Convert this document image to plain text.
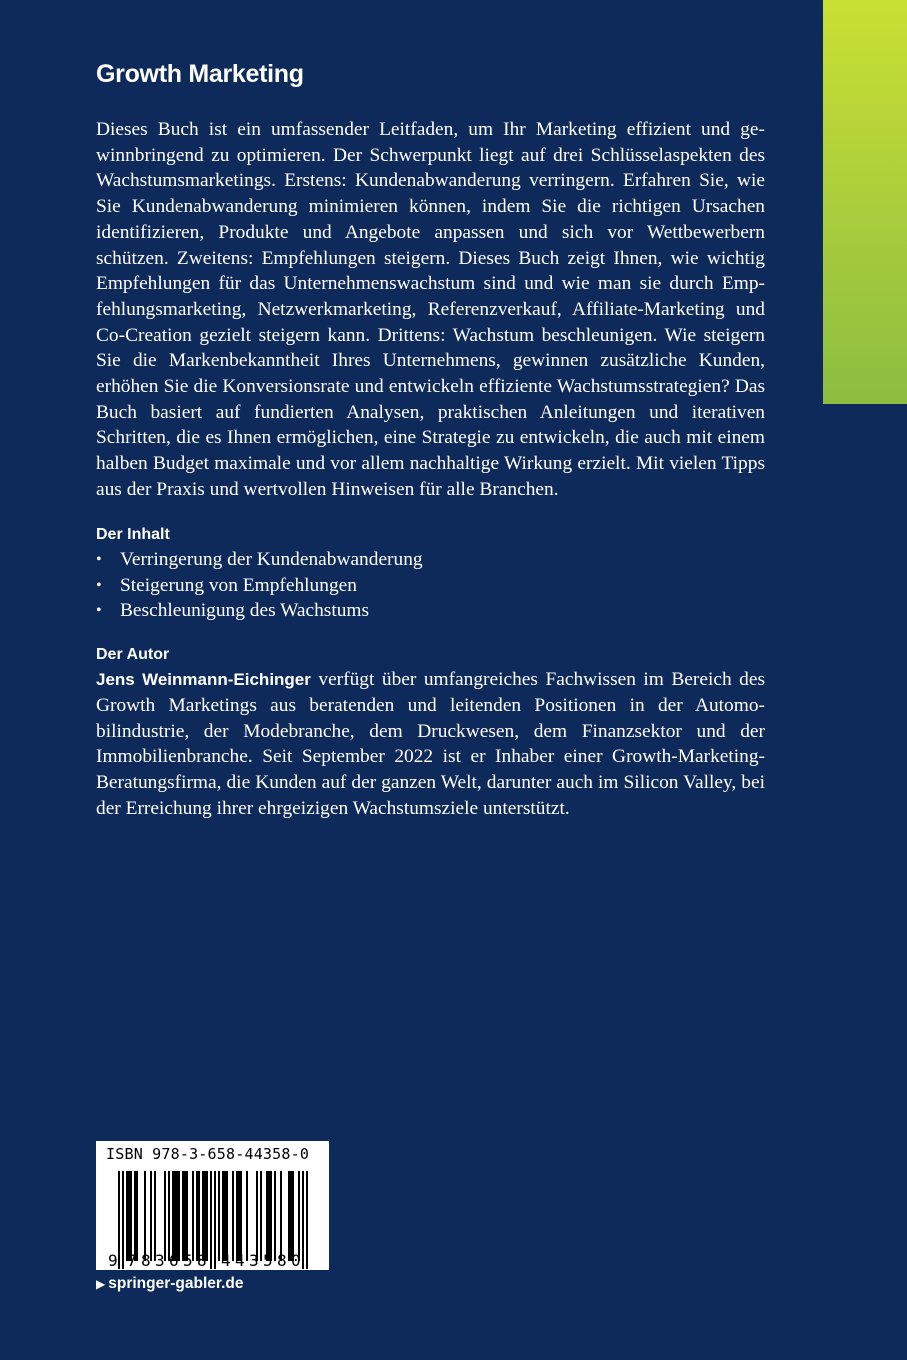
Growth Marketing

Dieses Buch ist ein umfassender Leitfaden, um Ihr Marketing effizient und gewinnbringend zu optimieren. Der Schwerpunkt liegt auf drei Schlüsselaspekten des Wachstumsmarketings. Erstens: Kundenabwanderung verringern. Erfahren Sie, wie Sie Kundenabwanderung minimieren können, indem Sie die richtigen Ursachen identifizieren, Produkte und Angebote anpassen und sich vor Wettbewerbern schützen. Zweitens: Empfehlungen steigern. Dieses Buch zeigt Ihnen, wie wichtig Empfehlungen für das Unternehmenswachstum sind und wie man sie durch Empfehlungsmarketing, Netzwerkmarketing, Referenzverkauf, Affiliate-Marketing und Co-Creation gezielt steigern kann. Drittens: Wachstum beschleunigen. Wie steigern Sie die Markenbekanntheit Ihres Unternehmens, gewinnen zusätzliche Kunden, erhöhen Sie die Konversionsrate und entwickeln effiziente Wachstumsstrategien? Das Buch basiert auf fundierten Analysen, praktischen Anleitungen und iterativen Schritten, die es Ihnen ermöglichen, eine Strategie zu entwickeln, die auch mit einem halben Budget maximale und vor allem nachhaltige Wirkung erzielt. Mit vielen Tipps aus der Praxis und wertvollen Hinweisen für alle Branchen.

Der Inhalt
• Verringerung der Kundenabwanderung
• Steigerung von Empfehlungen
• Beschleunigung des Wachstums
Der Autor

Jens Weinmann-Eichinger verfügt über umfangreiches Fachwissen im Bereich des Growth Marketings aus beratenden und leitenden Positionen in der Automobilindustrie, der Modebranche, dem Druckwesen, dem Finanzsektor und der Immobilienbranche. Seit September 2022 ist er Inhaber einer Growth-Marketing-Beratungsfirma, die Kunden auf der ganzen Welt, darunter auch im Silicon Valley, bei der Erreichung ihrer ehrgeizigen Wachstumsziele unterstützt.

ISBN 978-3-658-44358-0

9 7 8 3 6 5 8 4 4 3 5 8 0

▶ springer-gabler.de
